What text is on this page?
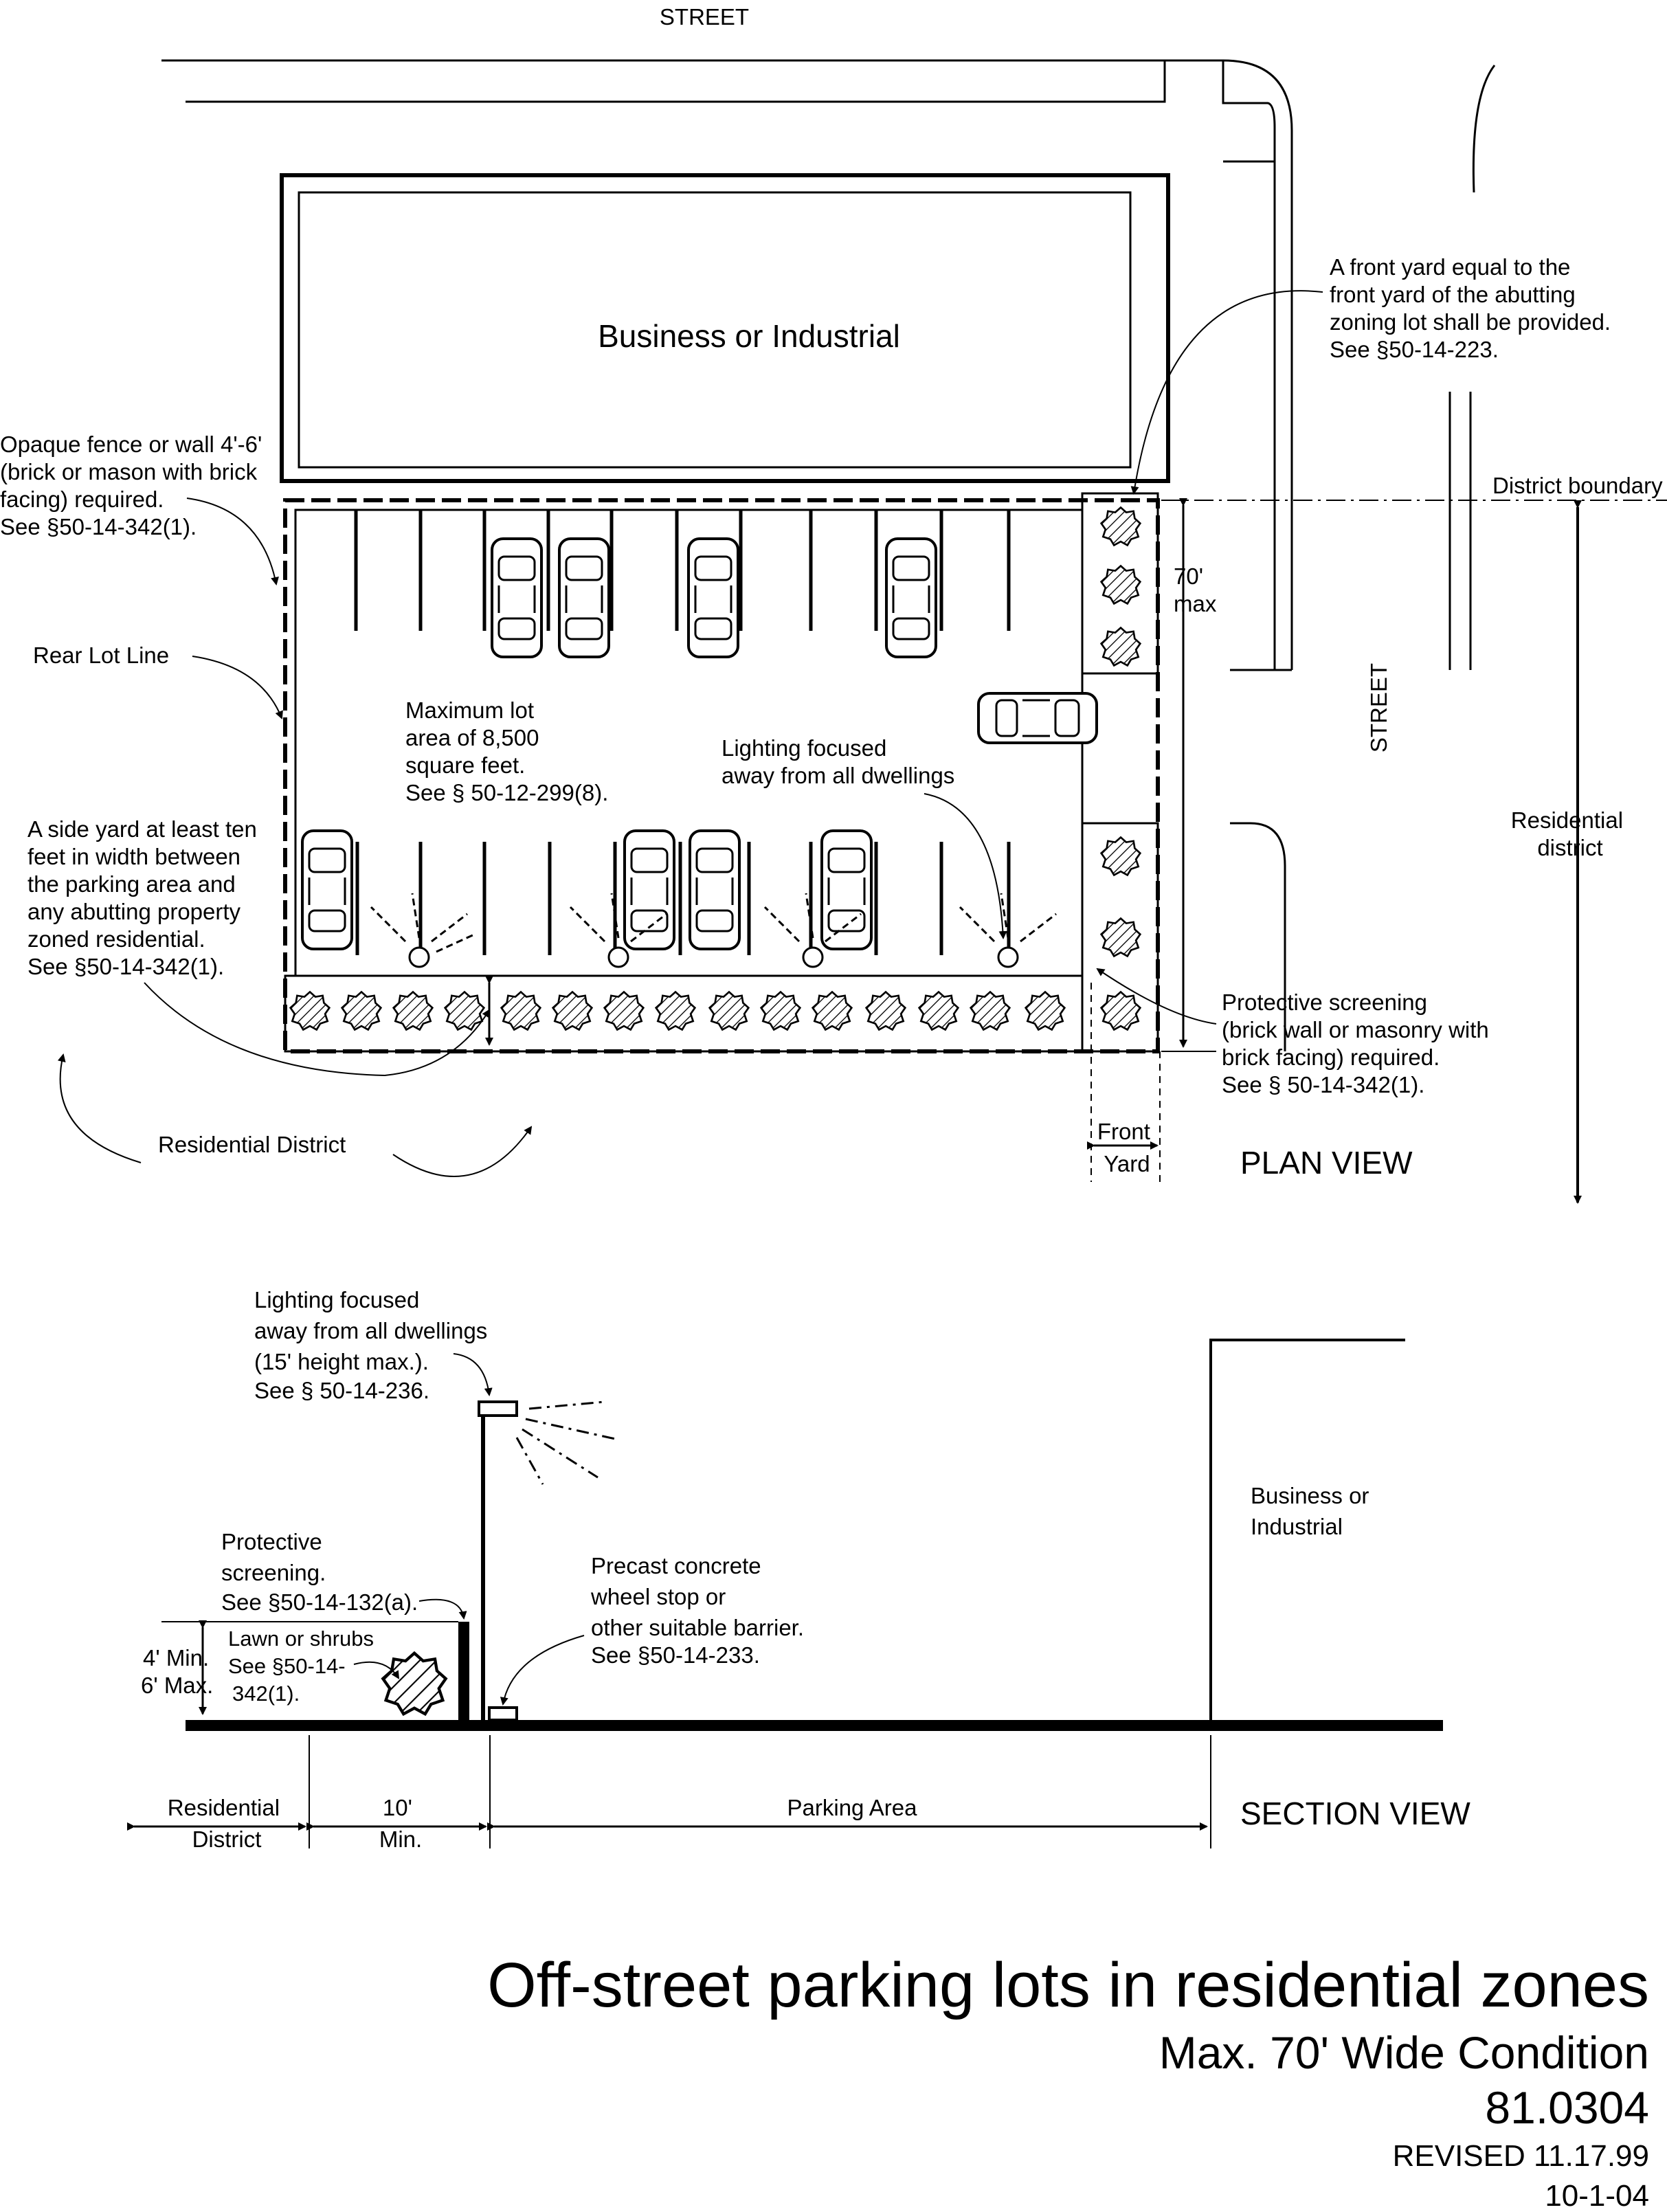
STREET
Business or Industrial
Opaque fence or wall 4'-6' (brick or mason with brick facing) required. See §50-14-342(1).
Rear Lot Line
Maximum lot area of 8,500 square feet. See § 50-12-299(8).
Lighting focused away from all dwellings
A side yard at least ten feet in width between the parking area and any abutting property zoned residential. See §50-14-342(1).
Residential District
A front yard equal to the front yard of the abutting zoning lot shall be provided. See §50-14-223.
District boundary
70' max
STREET
Residential district
Protective screening (brick wall or masonry with brick facing) required. See § 50-14-342(1).
Front Yard	PLAN VIEW
Lighting focused away from all dwellings (15' height max.). See § 50-14-236.
Protective screening. See §50-14-132(a).
Precast concrete wheel stop or other suitable barrier. See §50-14-233.
Business or Industrial
4' Min. 6' Max.
Lawn or shrubs See §50-14- 342(1).
Residential District
10' Min.
Parking Area	SECTION VIEW
Off-street parking lots in residential zones
Max. 70' Wide Condition
81.0304
REVISED 11.17.99
10-1-04
